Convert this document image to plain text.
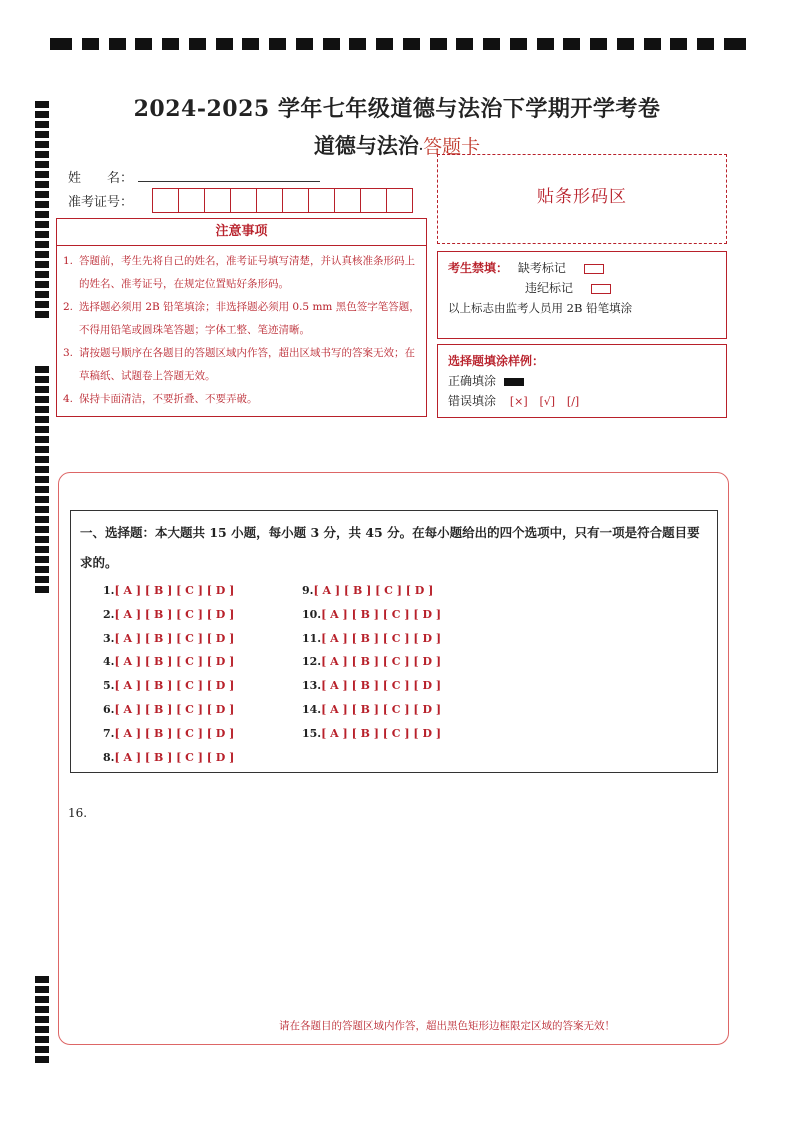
2024-2025 学年七年级道德与法治下学期开学考卷
道德与法治·答题卡
姓　　名：
准考证号：	贴条形码区
注意事项
1. 答题前，考生先将自己的姓名，准考证号填写清楚，并认真核准条形码上的姓名、准考证号，在规定位置贴好条形码。
2. 选择题必须用 2B 铅笔填涂；非选择题必须用 0.5 mm 黑色签字笔答题，不得用铅笔或圆珠笔答题；字体工整、笔迹清晰。
3. 请按题号顺序在各题目的答题区域内作答，超出区域书写的答案无效；在草稿纸、试题卷上答题无效。
4. 保持卡面清洁，不要折叠、不要弄破。
考生禁填： 缺考标记
违纪标记
以上标志由监考人员用 2B 铅笔填涂
选择题填涂样例：
正确填涂
错误填涂 [×] [√] [/]
一、选择题：本大题共 15 小题，每小题 3 分，共 45 分。在每小题给出的四个选项中，只有一项是符合题目要求的。
1.[ A ] [ B ] [ C ] [ D ]
2.[ A ] [ B ] [ C ] [ D ]
3.[ A ] [ B ] [ C ] [ D ]
4.[ A ] [ B ] [ C ] [ D ]
5.[ A ] [ B ] [ C ] [ D ]
6.[ A ] [ B ] [ C ] [ D ]
7.[ A ] [ B ] [ C ] [ D ]
8.[ A ] [ B ] [ C ] [ D ]
9.[ A ] [ B ] [ C ] [ D ]
10.[ A ] [ B ] [ C ] [ D ]
11.[ A ] [ B ] [ C ] [ D ]
12.[ A ] [ B ] [ C ] [ D ]
13.[ A ] [ B ] [ C ] [ D ]
14.[ A ] [ B ] [ C ] [ D ]
15.[ A ] [ B ] [ C ] [ D ]
16.
请在各题目的答题区域内作答，超出黑色矩形边框限定区域的答案无效！
